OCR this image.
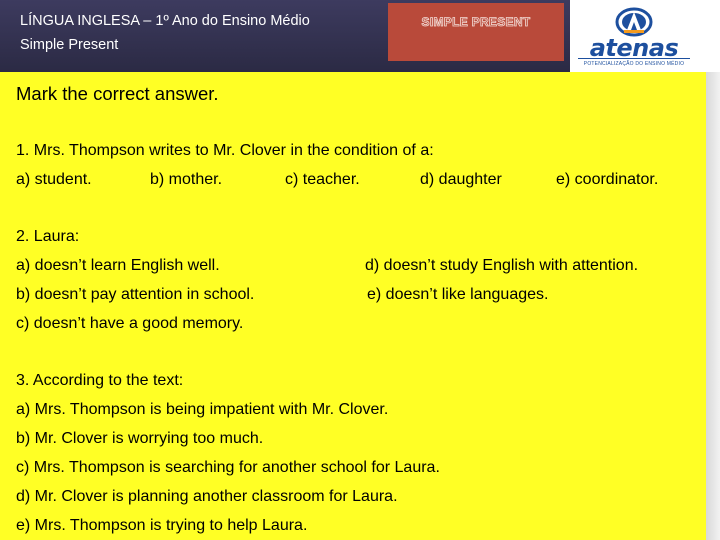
LÍNGUA INGLESA – 1º Ano do Ensino Médio
Simple Present
SIMPLE PRESENT
atenas
POTENCIALIZAÇÃO DO ENSINO MÉDIO
Mark the correct answer.
1. Mrs. Thompson writes to Mr. Clover in the condition of a:
a) student.	b) mother.	c) teacher.	d) daughter	e) coordinator.
2. Laura:
a) doesn’t learn English well.
b) doesn’t pay attention in school.
c) doesn’t have a good memory.
d) doesn’t study English with attention.
e) doesn’t like languages.
3. According to the text:
a) Mrs. Thompson is being impatient with Mr. Clover.
b) Mr. Clover is worrying too much.
c) Mrs. Thompson is searching for another school for Laura.
d) Mr. Clover is planning another classroom for Laura.
e) Mrs. Thompson is trying to help Laura.
